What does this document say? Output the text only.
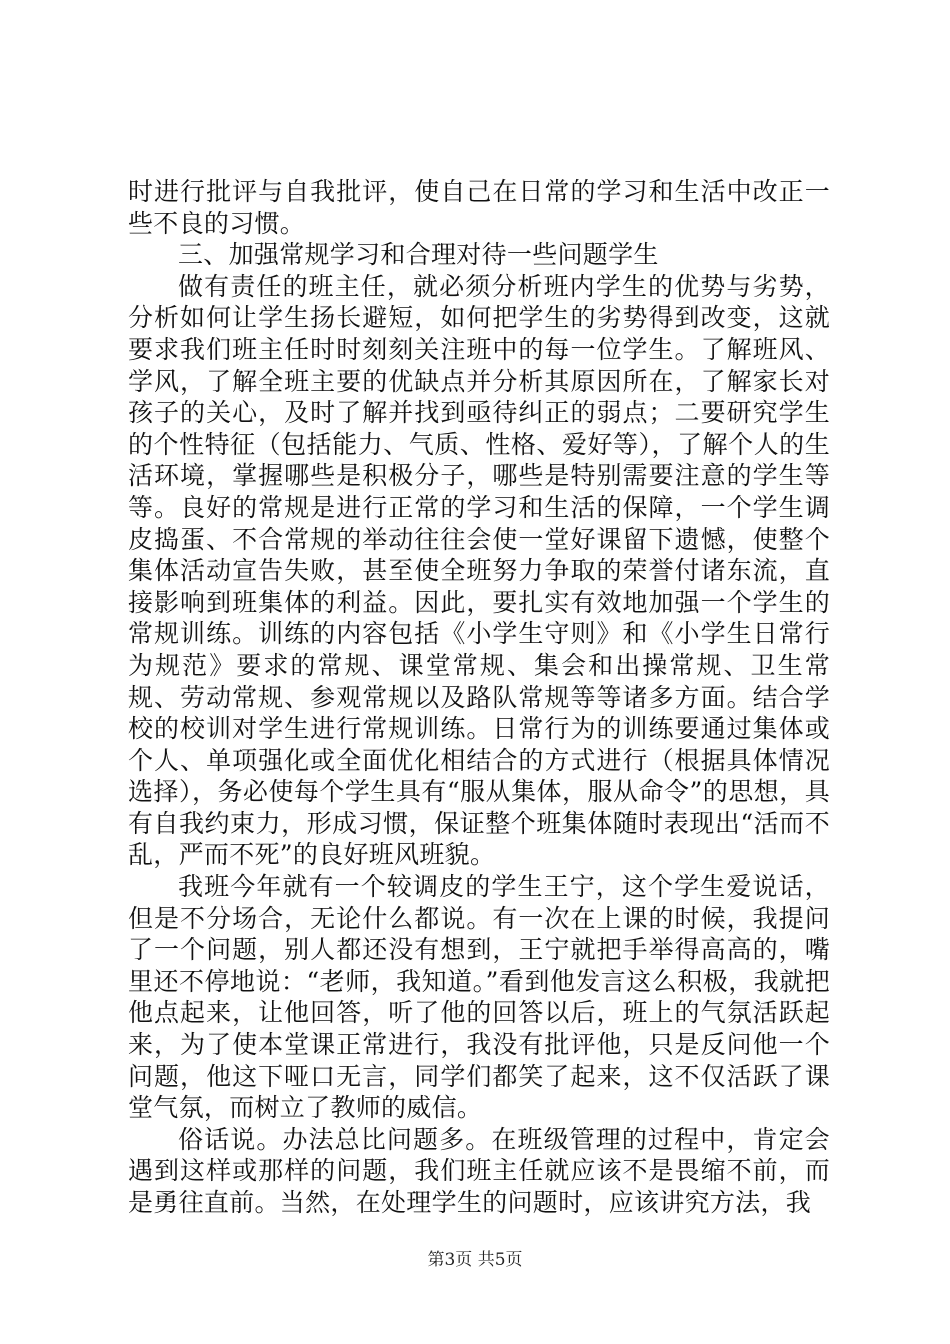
时进行批评与自我批评，使自己在日常的学习和生活中改正一些不良的习惯。

三、加强常规学习和合理对待一些问题学生

做有责任的班主任，就必须分析班内学生的优势与劣势，分析如何让学生扬长避短，如何把学生的劣势得到改变，这就要求我们班主任时时刻刻关注班中的每一位学生。了解班风、学风，了解全班主要的优缺点并分析其原因所在，了解家长对孩子的关心，及时了解并找到亟待纠正的弱点；二要研究学生的个性特征（包括能力、气质、性格、爱好等），了解个人的生活环境，掌握哪些是积极分子，哪些是特别需要注意的学生等等。良好的常规是进行正常的学习和生活的保障，一个学生调皮捣蛋、不合常规的举动往往会使一堂好课留下遗憾，使整个集体活动宣告失败，甚至使全班努力争取的荣誉付诸东流，直接影响到班集体的利益。因此，要扎实有效地加强一个学生的常规训练。训练的内容包括《小学生守则》和《小学生日常行为规范》要求的常规、课堂常规、集会和出操常规、卫生常规、劳动常规、参观常规以及路队常规等等诸多方面。结合学校的校训对学生进行常规训练。日常行为的训练要通过集体或个人、单项强化或全面优化相结合的方式进行（根据具体情况选择），务必使每个学生具有“服从集体，服从命令”的思想，具有自我约束力，形成习惯，保证整个班集体随时表现出“活而不乱，严而不死”的良好班风班貌。

我班今年就有一个较调皮的学生王宁，这个学生爱说话，但是不分场合，无论什么都说。有一次在上课的时候，我提问了一个问题，别人都还没有想到，王宁就把手举得高高的，嘴里还不停地说：“老师，我知道。”看到他发言这么积极，我就把他点起来，让他回答，听了他的回答以后，班上的气氛活跃起来，为了使本堂课正常进行，我没有批评他，只是反问他一个问题，他这下哑口无言，同学们都笑了起来，这不仅活跃了课堂气氛，而树立了教师的威信。

俗话说。办法总比问题多。在班级管理的过程中，肯定会遇到这样或那样的问题，我们班主任就应该不是畏缩不前，而是勇往直前。当然，在处理学生的问题时，应该讲究方法，我

第3页 共5页
